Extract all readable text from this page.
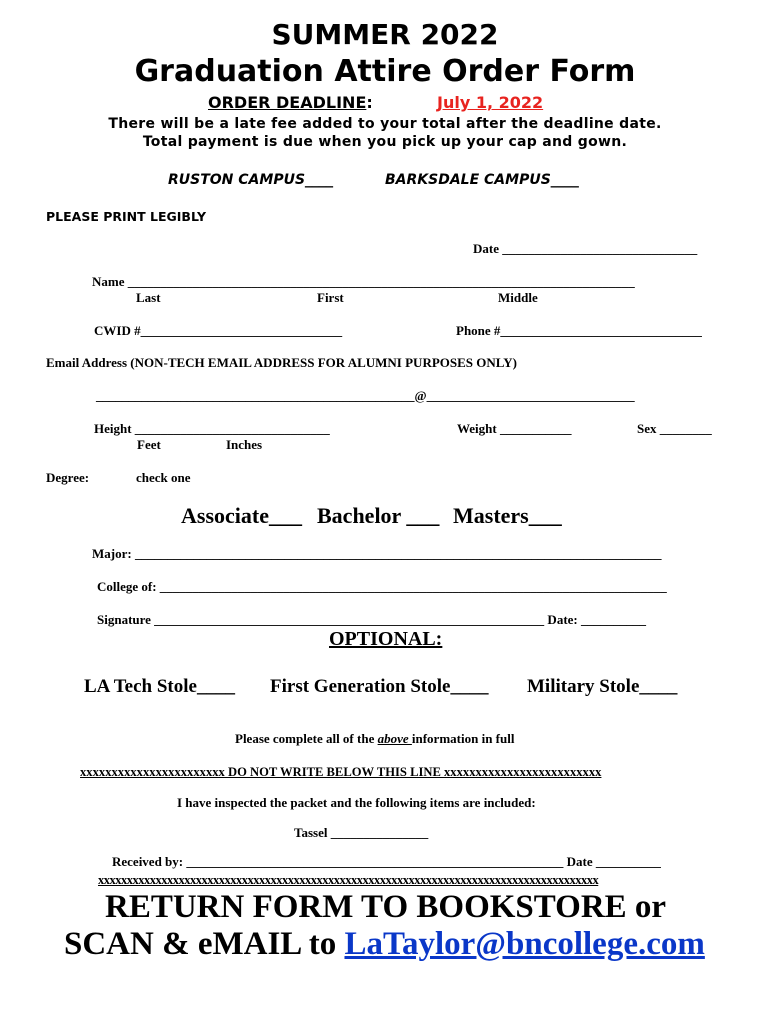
SUMMER 2022
Graduation Attire Order Form
ORDER DEADLINE:	July 1, 2022
There will be a late fee added to your total after the deadline date.
Total payment is due when you pick up your cap and gown.
RUSTON CAMPUS____	BARKSDALE CAMPUS____
PLEASE PRINT LEGIBLY
Date ______________________________
Name ______________________________________________________________________________
Last	First	Middle
CWID #_______________________________	Phone #_______________________________
Email Address (NON-TECH EMAIL ADDRESS FOR ALUMNI PURPOSES ONLY)
_________________________________________________@________________________________
Height ______________________________
Feet	Inches
Weight ___________	Sex ________
Degree:	check one
Associate___ Bachelor ___ Masters___
Major: _________________________________________________________________________________
College of: ______________________________________________________________________________
Signature ____________________________________________________________ Date: __________
OPTIONAL:
LA Tech Stole____ First Generation Stole____ Military Stole____
Please complete all of the above information in full
xxxxxxxxxxxxxxxxxxxxxxx DO NOT WRITE BELOW THIS LINE xxxxxxxxxxxxxxxxxxxxxxxxx
I have inspected the packet and the following items are included:
Tassel _______________
Received by: __________________________________________________________ Date __________
xxxxxxxxxxxxxxxxxxxxxxxxxxxxxxxxxxxxxxxxxxxxxxxxxxxxxxxxxxxxxxxxxxxxxxxxxxxxxxxxxxxxxxx
RETURN FORM TO BOOKSTORE or
SCAN & eMAIL to LaTaylor@bncollege.com
